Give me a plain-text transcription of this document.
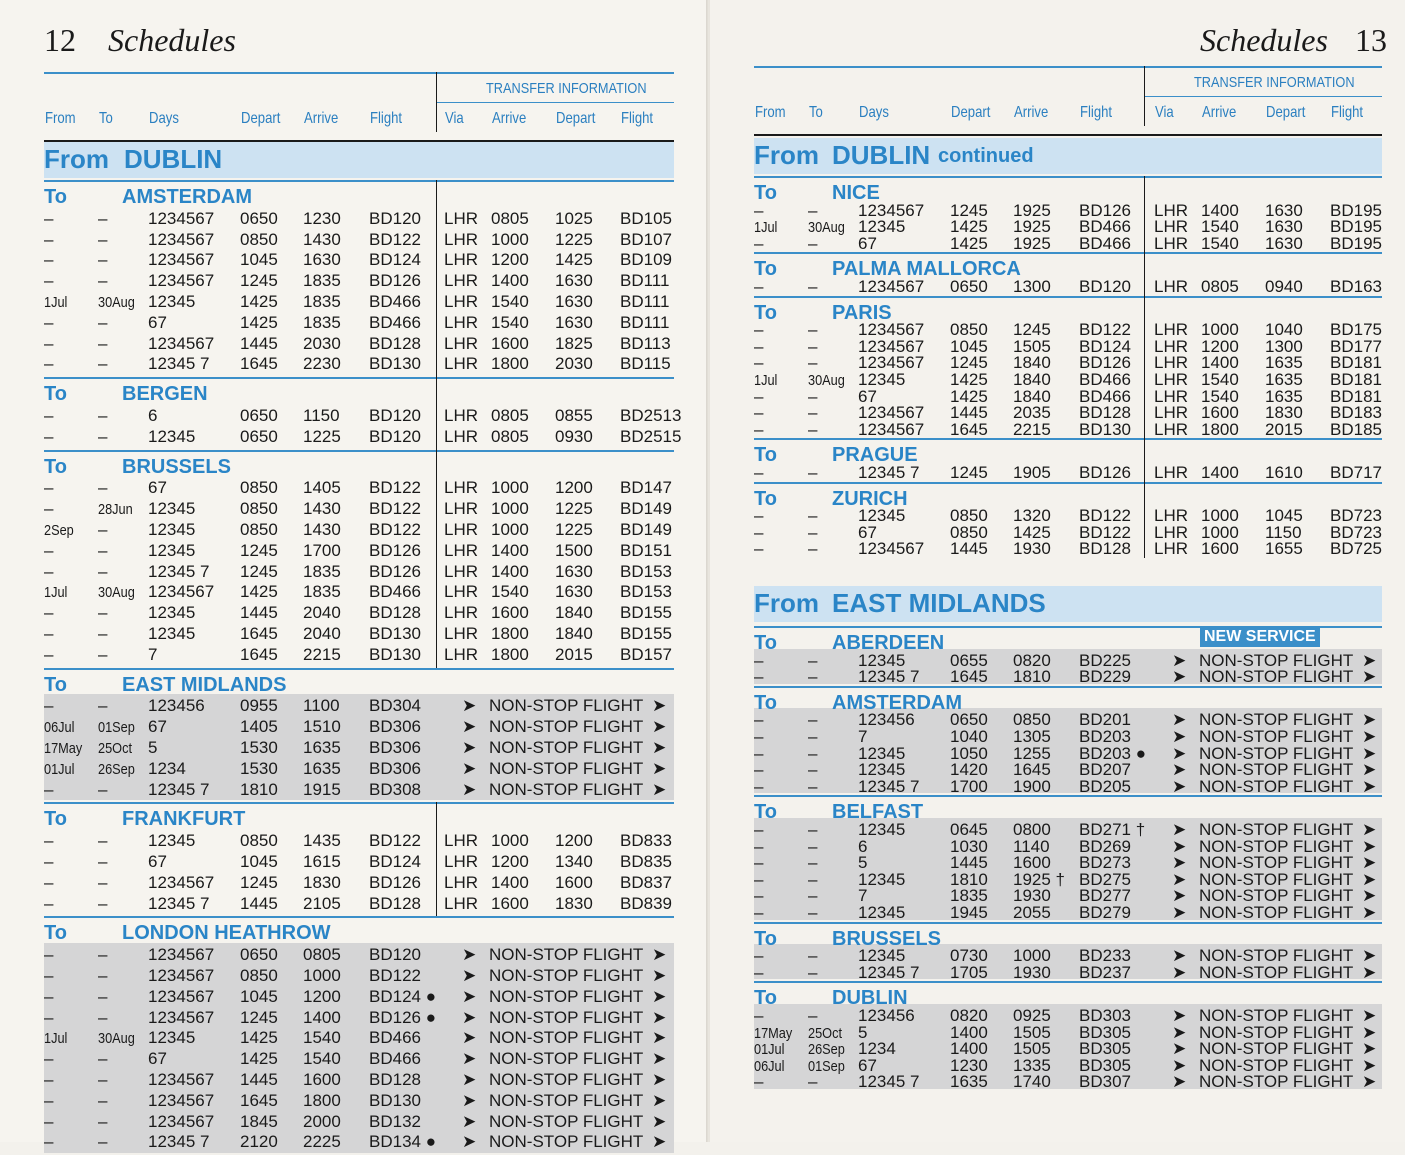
12 Schedules
TRANSFER INFORMATION
From To Days	Depart Arrive Flight	Via Arrive Depart Flight
From DUBLIN
To	AMSTERDAM
–	– 1234567 0650 1230 BD120 LHR 0805 1025 BD105
–	– 1234567 0850 1430 BD122 LHR 1000 1225 BD107
–	– 1234567 1045 1630 BD124 LHR 1200 1425 BD109
–	– 1234567 1245 1835 BD126 LHR 1400 1630 BD111
1Jul 30Aug 12345	1425 1835 BD466 LHR 1540 1630 BD111
–	– 67	1425 1835 BD466 LHR 1540 1630 BD111
–	– 1234567 1445 2030 BD128 LHR 1600 1825 BD113
–	– 12345 7 1645 2230 BD130 LHR 1800 2030 BD115
To	BERGEN
–	– 6	0650 1150 BD120 LHR 0805 0855 BD2513
–	– 12345	0650 1225 BD120 LHR 0805 0930 BD2515
To	BRUSSELS
–	– 67	0850 1405 BD122 LHR 1000 1200 BD147
–	28Jun 12345	0850 1430 BD122 LHR 1000 1225 BD149
2Sep – 12345	0850 1430 BD122 LHR 1000 1225 BD149
–	– 12345	1245 1700 BD126 LHR 1400 1500 BD151
–	– 12345 7 1245 1835 BD126 LHR 1400 1630 BD153
1Jul 30Aug 1234567 1425 1835 BD466 LHR 1540 1630 BD153
–	– 12345	1445 2040 BD128 LHR 1600 1840 BD155
–	– 12345	1645 2040 BD130 LHR 1800 1840 BD155
–	– 7	1645 2215 BD130 LHR 1800 2015 BD157
To	EAST MIDLANDS
–	– 123456 0955 1100 BD304 ➤ NON-STOP FLIGHT ➤
06Jul 01Sep 67	1405 1510 BD306 ➤ NON-STOP FLIGHT ➤
17May 25Oct 5	1530 1635 BD306 ➤ NON-STOP FLIGHT ➤
01Jul 26Sep 1234	1530 1635 BD306 ➤ NON-STOP FLIGHT ➤
–	– 12345 7 1810 1915 BD308 ➤ NON-STOP FLIGHT ➤
To	FRANKFURT
–	– 12345	0850 1435 BD122 LHR 1000 1200 BD833
–	– 67	1045 1615 BD124 LHR 1200 1340 BD835
–	– 1234567 1245 1830 BD126 LHR 1400 1600 BD837
–	– 12345 7 1445 2105 BD128 LHR 1600 1830 BD839
To	LONDON HEATHROW
–	– 1234567 0650 0805 BD120 ➤ NON-STOP FLIGHT ➤
–	– 1234567 0850 1000 BD122 ➤ NON-STOP FLIGHT ➤
–	– 1234567 1045 1200 BD124 ● ➤ NON-STOP FLIGHT ➤
–	– 1234567 1245 1400 BD126 ● ➤ NON-STOP FLIGHT ➤
1Jul 30Aug 12345	1425 1540 BD466 ➤ NON-STOP FLIGHT ➤
–	– 67	1425 1540 BD466 ➤ NON-STOP FLIGHT ➤
–	– 1234567 1445 1600 BD128 ➤ NON-STOP FLIGHT ➤
–	– 1234567 1645 1800 BD130 ➤ NON-STOP FLIGHT ➤
–	– 1234567 1845 2000 BD132 ➤ NON-STOP FLIGHT ➤
–	– 12345 7 2120 2225 BD134 ● ➤ NON-STOP FLIGHT ➤
Schedules 13
TRANSFER INFORMATION
From To Days	Depart Arrive Flight	Via Arrive Depart Flight
From DUBLIN continued
To	NICE
–	– 1234567 1245 1925 BD126 LHR 1400 1630 BD195
1Jul 30Aug 12345	1425 1925 BD466 LHR 1540 1630 BD195
–	– 67	1425 1925 BD466 LHR 1540 1630 BD195
To	PALMA MALLORCA
–	– 1234567 0650 1300 BD120 LHR 0805 0940 BD163
To	PARIS
–	– 1234567 0850 1245 BD122 LHR 1000 1040 BD175
–	– 1234567 1045 1505 BD124 LHR 1200 1300 BD177
–	– 1234567 1245 1840 BD126 LHR 1400 1635 BD181
1Jul 30Aug 12345	1425 1840 BD466 LHR 1540 1635 BD181
–	– 67	1425 1840 BD466 LHR 1540 1635 BD181
–	– 1234567 1445 2035 BD128 LHR 1600 1830 BD183
–	– 1234567 1645 2215 BD130 LHR 1800 2015 BD185
To	PRAGUE
–	– 12345 7 1245 1905 BD126 LHR 1400 1610 BD717
To	ZURICH
–	– 12345	0850 1320 BD122 LHR 1000 1045 BD723
–	– 67	0850 1425 BD122 LHR 1000 1150 BD723
–	– 1234567 1445 1930 BD128 LHR 1600 1655 BD725
From EAST MIDLANDS
NEW SERVICE
To	ABERDEEN
–	– 12345	0655 0820 BD225 ➤ NON-STOP FLIGHT ➤
–	– 12345 7 1645 1810 BD229 ➤ NON-STOP FLIGHT ➤
To	AMSTERDAM
–	– 123456 0650 0850 BD201 ➤ NON-STOP FLIGHT ➤
–	– 7	1040 1305 BD203 ➤ NON-STOP FLIGHT ➤
–	– 12345	1050 1255 BD203 ● ➤ NON-STOP FLIGHT ➤
–	– 12345	1420 1645 BD207 ➤ NON-STOP FLIGHT ➤
–	– 12345 7 1700 1900 BD205 ➤ NON-STOP FLIGHT ➤
To	BELFAST
–	– 12345	0645 0800 BD271 † ➤ NON-STOP FLIGHT ➤
–	– 6	1030 1140 BD269 ➤ NON-STOP FLIGHT ➤
–	– 5	1445 1600 BD273 ➤ NON-STOP FLIGHT ➤
–	– 12345	1810 1925 † BD275 ➤ NON-STOP FLIGHT ➤
–	– 7	1835 1930 BD277 ➤ NON-STOP FLIGHT ➤
–	– 12345	1945 2055 BD279 ➤ NON-STOP FLIGHT ➤
To	BRUSSELS
–	– 12345	0730 1000 BD233 ➤ NON-STOP FLIGHT ➤
–	– 12345 7 1705 1930 BD237 ➤ NON-STOP FLIGHT ➤
To	DUBLIN
–	– 123456 0820 0925 BD303 ➤ NON-STOP FLIGHT ➤
17May 25Oct 5	1400 1505 BD305 ➤ NON-STOP FLIGHT ➤
01Jul 26Sep 1234	1400 1505 BD305 ➤ NON-STOP FLIGHT ➤
06Jul 01Sep 67	1230 1335 BD305 ➤ NON-STOP FLIGHT ➤
–	– 12345 7 1635 1740 BD307 ➤ NON-STOP FLIGHT ➤
